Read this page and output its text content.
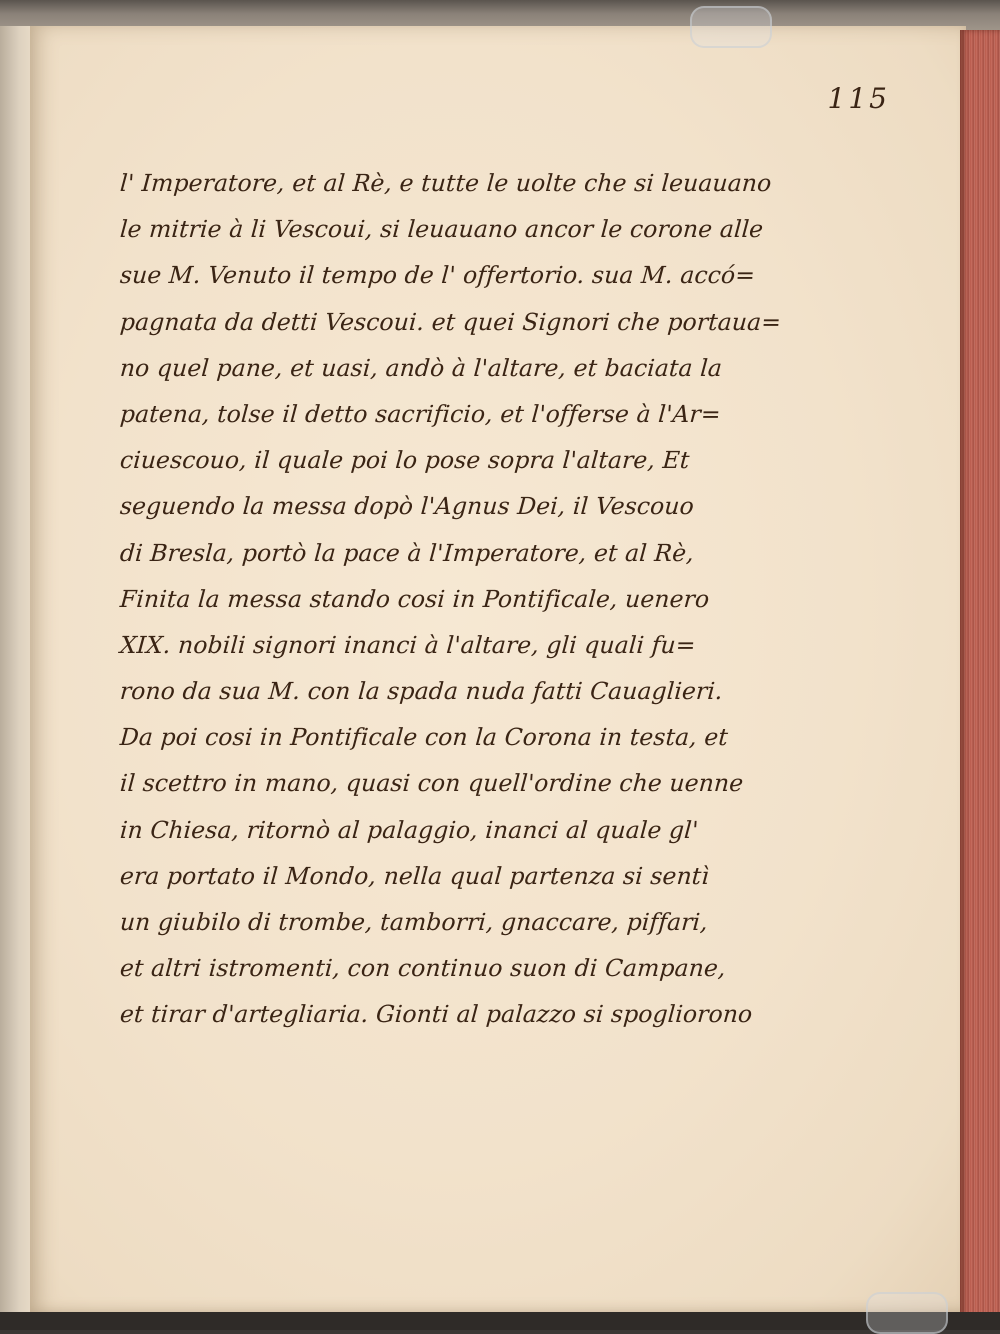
115
l' Imperatore, et al Rè, e tutte le uolte che si leuauano
le mitrie à li Vescoui, si leuauano ancor le corone alle
sue M. Venuto il tempo de l' offertorio. sua M. accó=
pagnata da detti Vescoui. et quei Signori che portaua=
no quel pane, et uasi, andò à l'altare, et baciata la
patena, tolse il detto sacrificio, et l'offerse à l'Ar=
ciuescouo, il quale poi lo pose sopra l'altare, Et
seguendo la messa dopò l'Agnus Dei, il Vescouo
di Bresla, portò la pace à l'Imperatore, et al Rè,
Finita la messa stando cosi in Pontificale, uenero
XIX. nobili signori inanci à l'altare, gli quali fu=
rono da sua M. con la spada nuda fatti Cauaglieri.
Da poi cosi in Pontificale con la Corona in testa, et
il scettro in mano, quasi con quell'ordine che uenne
in Chiesa, ritornò al palaggio, inanci al quale gl'
era portato il Mondo, nella qual partenza si sentì
un giubilo di trombe, tamborri, gnaccare, piffari,
et altri istromenti, con continuo suon di Campane,
et tirar d'artegliaria. Gionti al palazzo si spogliorono
